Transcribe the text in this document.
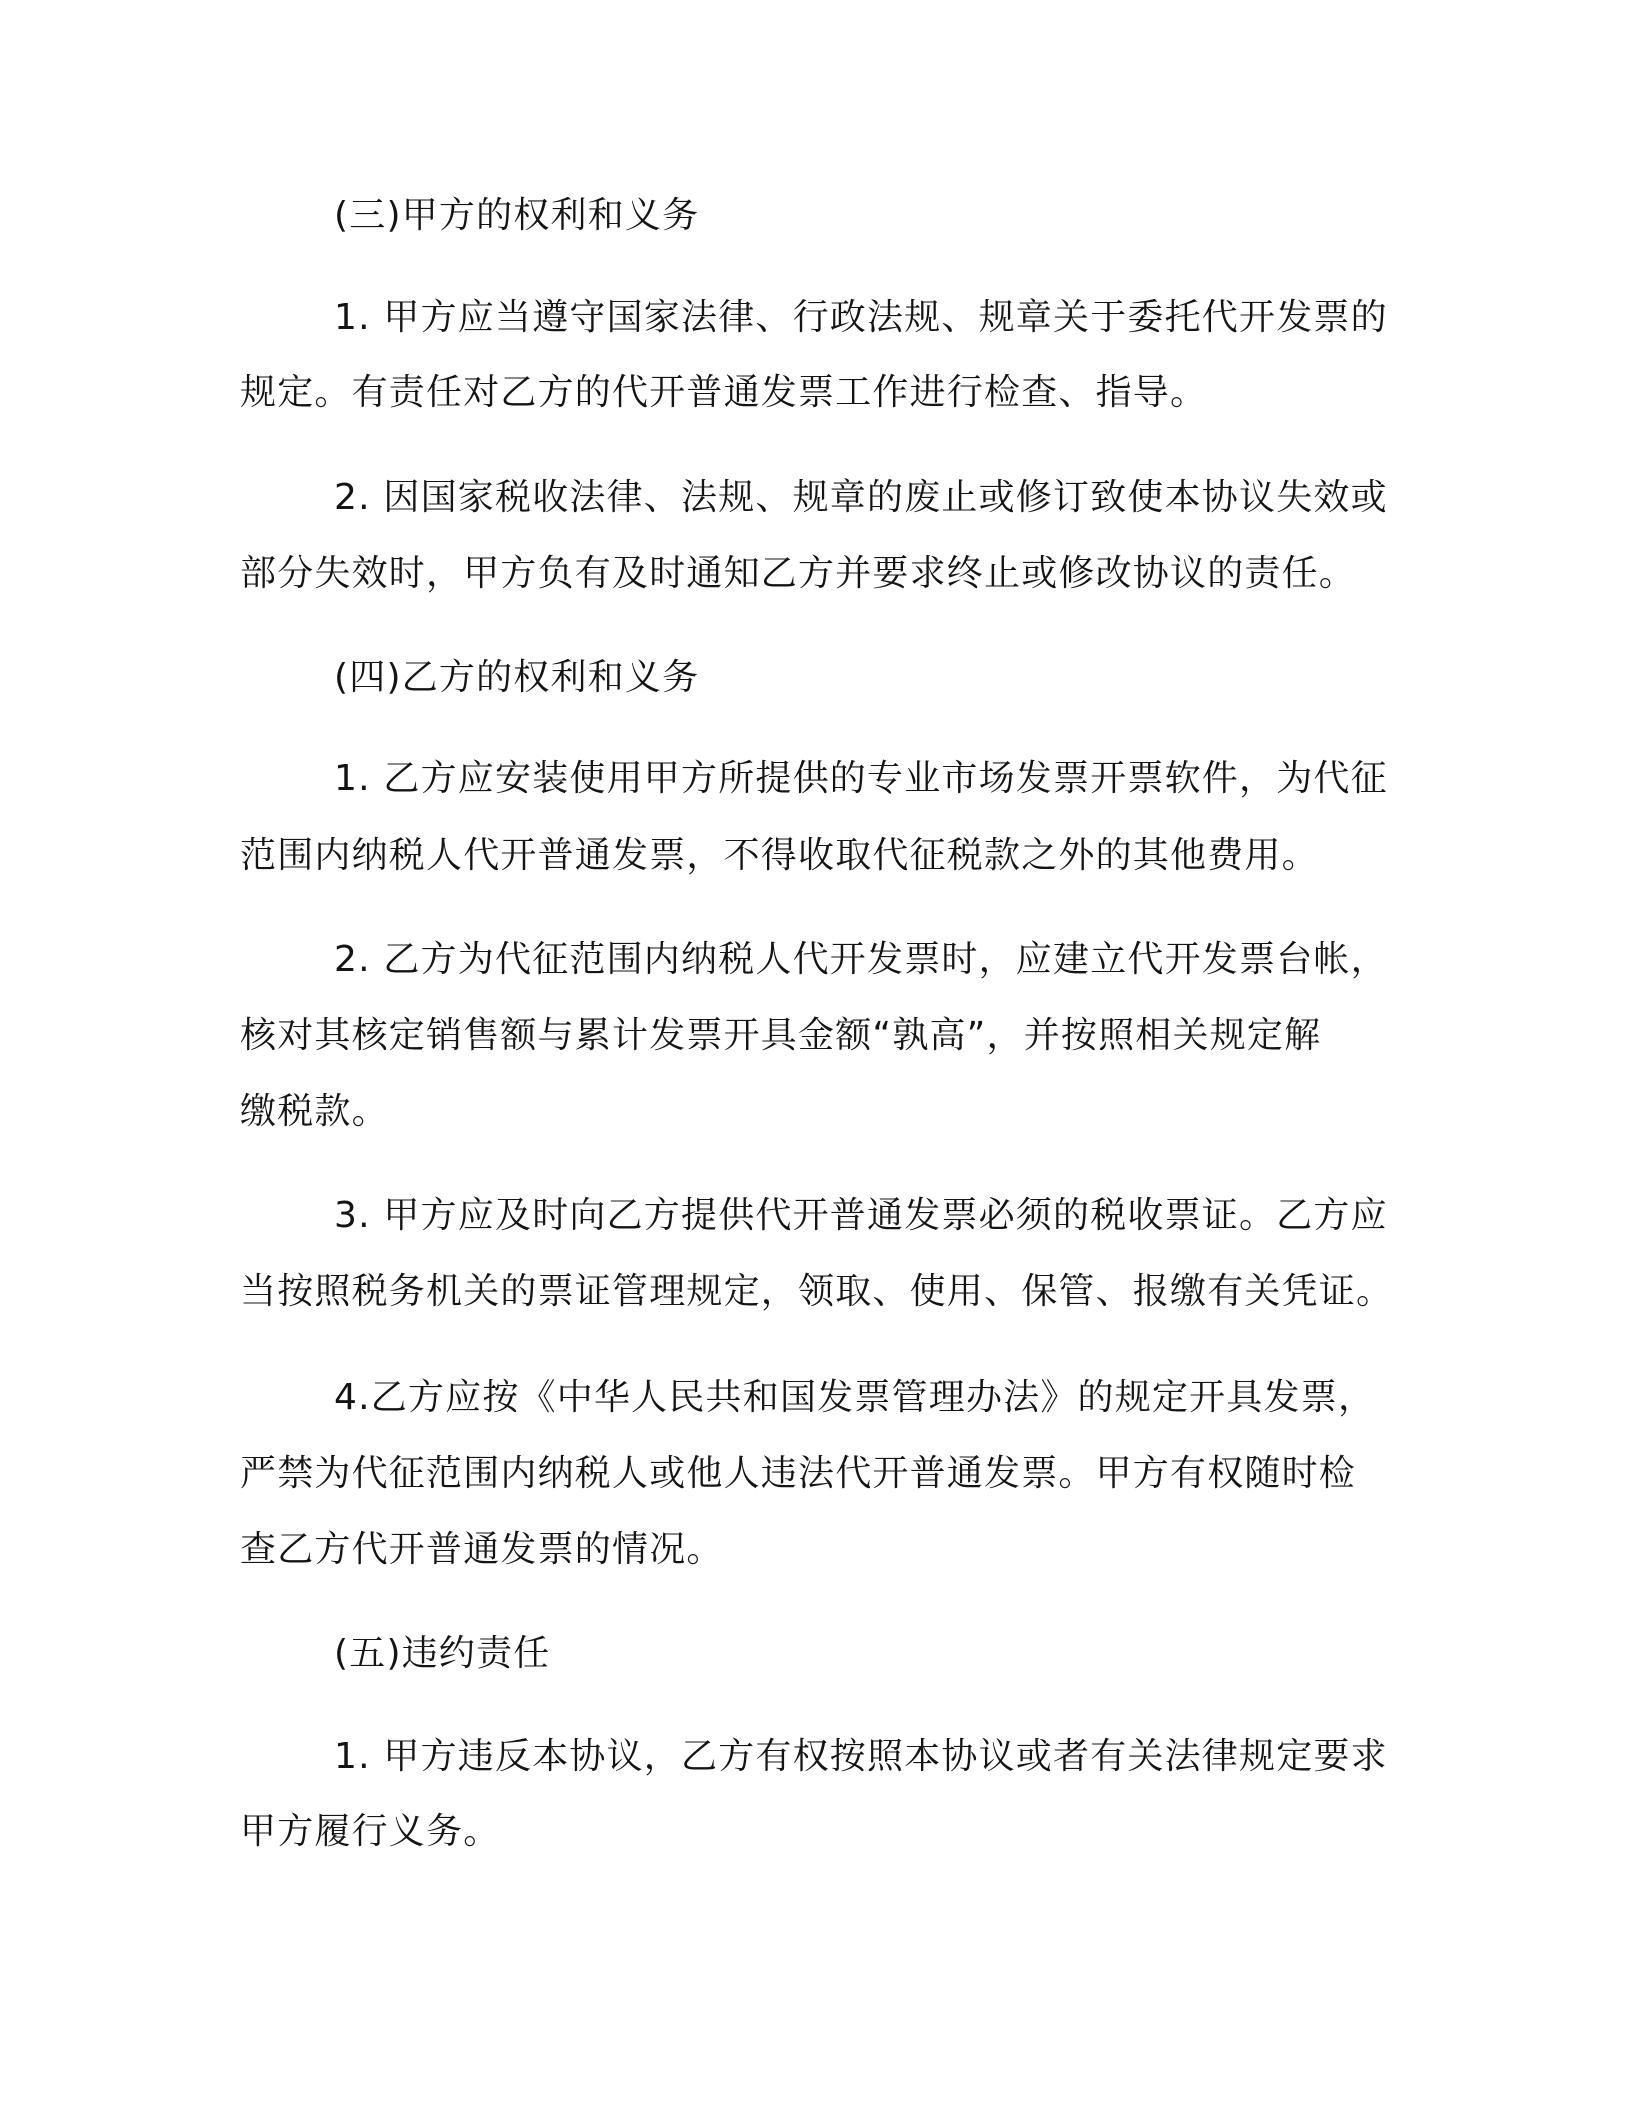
(三)甲方的权利和义务

1. 甲方应当遵守国家法律、行政法规、规章关于委托代开发票的

规定。有责任对乙方的代开普通发票工作进行检查、指导。

2. 因国家税收法律、法规、规章的废止或修订致使本协议失效或

部分失效时，甲方负有及时通知乙方并要求终止或修改协议的责任。

(四)乙方的权利和义务

1. 乙方应安装使用甲方所提供的专业市场发票开票软件，为代征

范围内纳税人代开普通发票，不得收取代征税款之外的其他费用。

2. 乙方为代征范围内纳税人代开发票时，应建立代开发票台帐，

核对其核定销售额与累计发票开具金额“孰高”，并按照相关规定解

缴税款。

3. 甲方应及时向乙方提供代开普通发票必须的税收票证。乙方应

当按照税务机关的票证管理规定，领取、使用、保管、报缴有关凭证。

4.乙方应按《中华人民共和国发票管理办法》的规定开具发票，

严禁为代征范围内纳税人或他人违法代开普通发票。甲方有权随时检

查乙方代开普通发票的情况。

(五)违约责任

1. 甲方违反本协议，乙方有权按照本协议或者有关法律规定要求

甲方履行义务。
